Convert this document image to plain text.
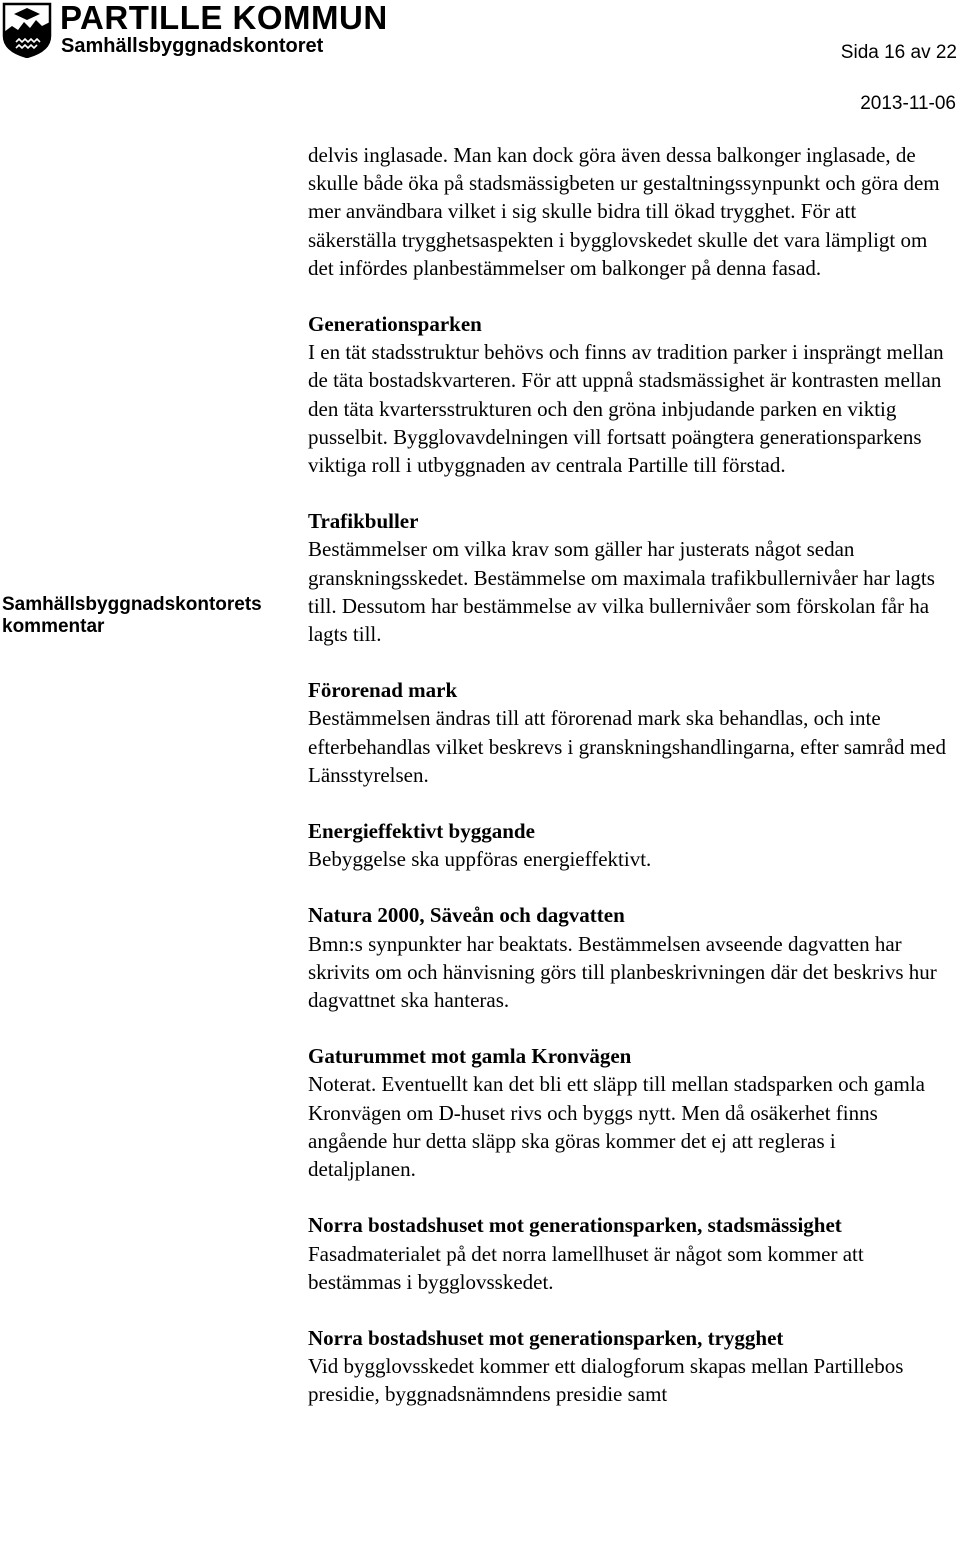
PARTILLE KOMMUN
Samhällsbyggnadskontoret	Sida 16 av 22
2013-11-06
Samhällsbyggnadskontorets kommentar

delvis inglasade. Man kan dock göra även dessa balkonger inglasade, de skulle både öka på stadsmässigbeten ur gestaltningssynpunkt och göra dem mer användbara vilket i sig skulle bidra till ökad trygghet. För att säkerställa trygghetsaspekten i bygglovskedet skulle det vara lämpligt om det infördes planbestämmelser om balkonger på denna fasad.

Generationsparken

I en tät stadsstruktur behövs och finns av tradition parker i insprängt mellan de täta bostadskvarteren. För att uppnå stadsmässighet är kontrasten mellan den täta kvartersstrukturen och den gröna inbjudande parken en viktig pusselbit. Bygglovavdelningen vill fortsatt poängtera generationsparkens viktiga roll i utbyggnaden av centrala Partille till förstad.

Trafikbuller

Bestämmelser om vilka krav som gäller har justerats något sedan granskningsskedet. Bestämmelse om maximala trafikbullernivåer har lagts till. Dessutom har bestämmelse av vilka bullernivåer som förskolan får ha lagts till.

Förorenad mark

Bestämmelsen ändras till att förorenad mark ska behandlas, och inte efterbehandlas vilket beskrevs i granskningshandlingarna, efter samråd med Länsstyrelsen.

Energieffektivt byggande

Bebyggelse ska uppföras energieffektivt.

Natura 2000, Säveån och dagvatten

Bmn:s synpunkter har beaktats. Bestämmelsen avseende dagvatten har skrivits om och hänvisning görs till planbeskrivningen där det beskrivs hur dagvattnet ska hanteras.

Gaturummet mot gamla Kronvägen

Noterat. Eventuellt kan det bli ett släpp till mellan stadsparken och gamla Kronvägen om D-huset rivs och byggs nytt. Men då osäkerhet finns angående hur detta släpp ska göras kommer det ej att regleras i detaljplanen.

Norra bostadshuset mot generationsparken, stadsmässighet

Fasadmaterialet på det norra lamellhuset är något som kommer att bestämmas i bygglovsskedet.

Norra bostadshuset mot generationsparken, trygghet

Vid bygglovsskedet kommer ett dialogforum skapas mellan Partillebos presidie, byggnadsnämndens presidie samt
